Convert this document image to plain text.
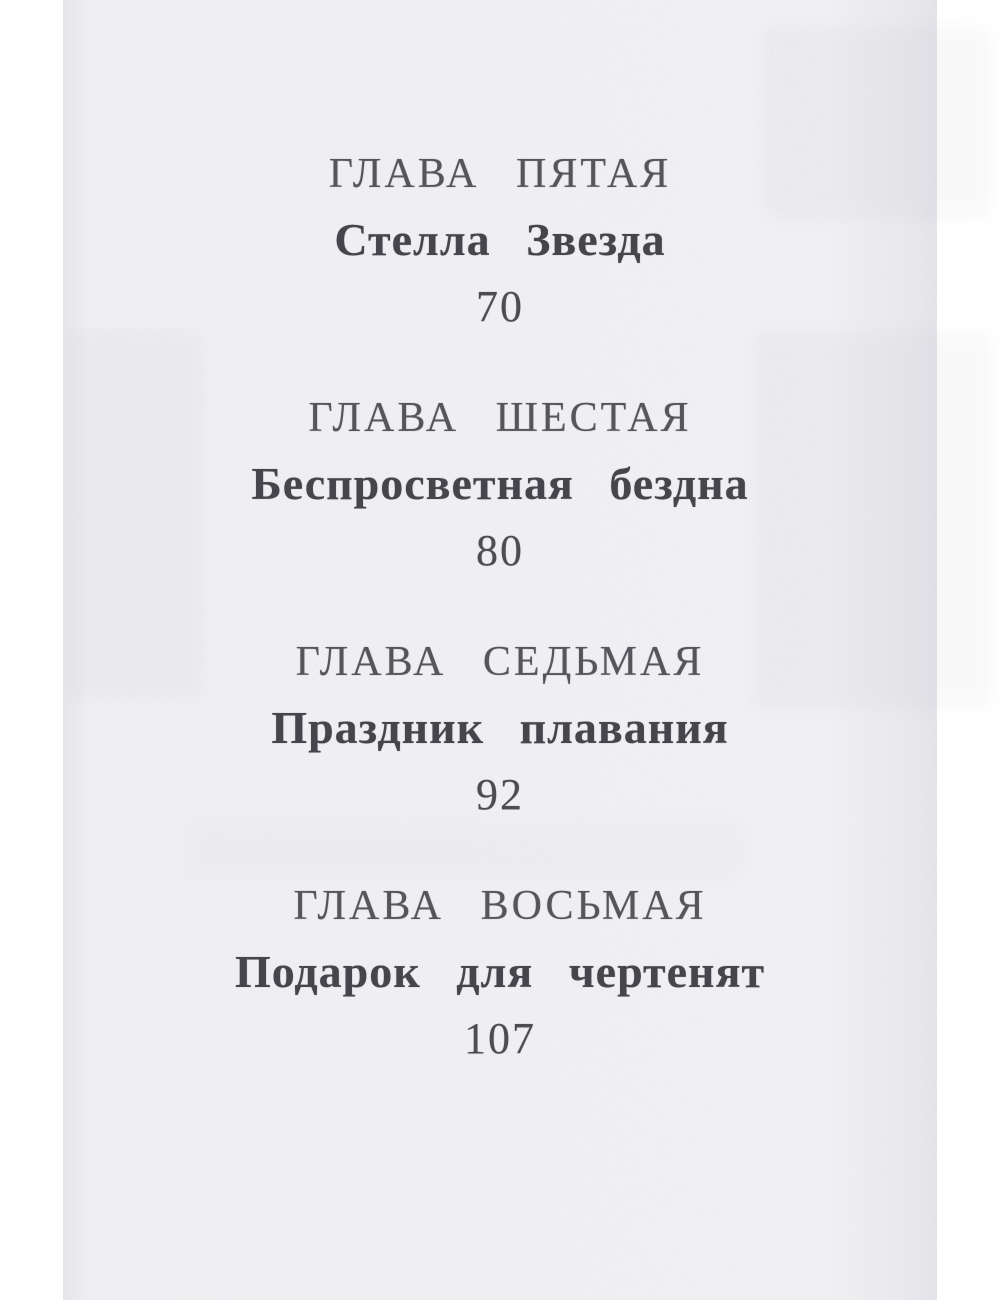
ГЛАВА ПЯТАЯ
Стелла Звезда
70
ГЛАВА ШЕСТАЯ
Беспросветная бездна
80
ГЛАВА СЕДЬМАЯ
Праздник плавания
92
ГЛАВА ВОСЬМАЯ
Подарок для чертенят
107
